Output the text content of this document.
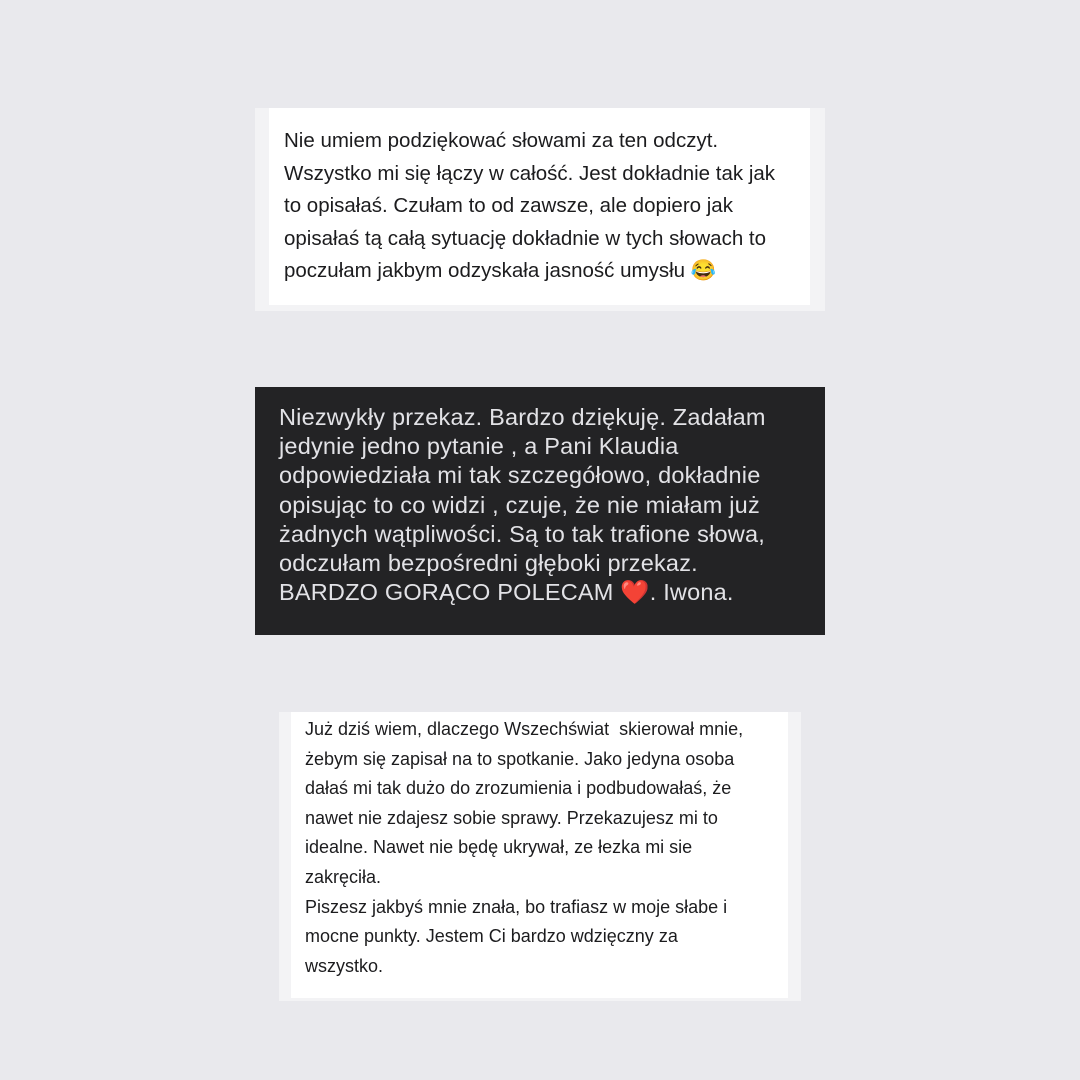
Nie umiem podziękować słowami za ten odczyt.
Wszystko mi się łączy w całość. Jest dokładnie tak jak
to opisałaś. Czułam to od zawsze, ale dopiero jak
opisałaś tą całą sytuację dokładnie w tych słowach to
poczułam jakbym odzyskała jasność umysłu 😂

Niezwykły przekaz. Bardzo dziękuję. Zadałam
jedynie jedno pytanie , a Pani Klaudia
odpowiedziała mi tak szczegółowo, dokładnie
opisując to co widzi , czuje, że nie miałam już
żadnych wątpliwości. Są to tak trafione słowa,
odczułam bezpośredni głęboki przekaz.
BARDZO GORĄCO POLECAM ❤️. Iwona.

Już dziś wiem, dlaczego Wszechświat  skierował mnie,
żebym się zapisał na to spotkanie. Jako jedyna osoba
dałaś mi tak dużo do zrozumienia i podbudowałaś, że
nawet nie zdajesz sobie sprawy. Przekazujesz mi to
idealne. Nawet nie będę ukrywał, ze łezka mi sie
zakręciła.
Piszesz jakbyś mnie znała, bo trafiasz w moje słabe i
mocne punkty. Jestem Ci bardzo wdzięczny za
wszystko.
